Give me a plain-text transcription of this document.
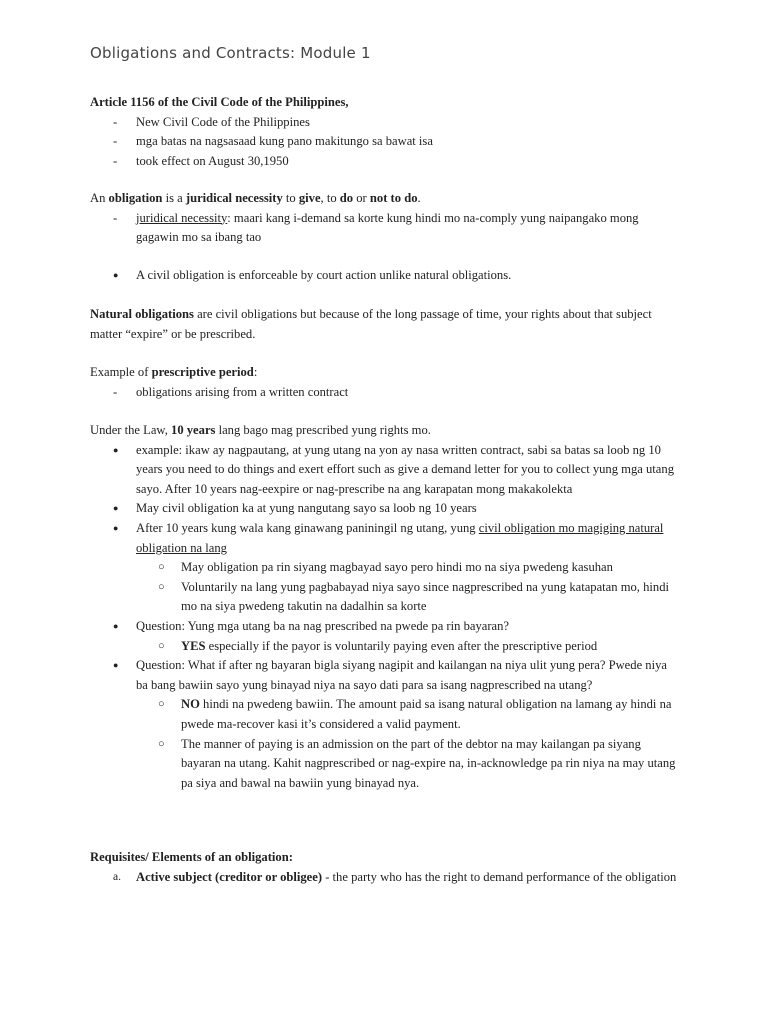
Obligations and Contracts: Module 1
Article 1156 of the Civil Code of the Philippines,
- New Civil Code of the Philippines
- mga batas na nagsasaad kung pano makitungo sa bawat isa
- took effect on August 30,1950
An obligation is a juridical necessity to give, to do or not to do.
- juridical necessity: maari kang i-demand sa korte kung hindi mo na-comply yung naipangako mong gagawin mo sa ibang tao
● A civil obligation is enforceable by court action unlike natural obligations.
Natural obligations are civil obligations but because of the long passage of time, your rights about that subject matter “expire” or be prescribed.
Example of prescriptive period:
- obligations arising from a written contract
Under the Law, 10 years lang bago mag prescribed yung rights mo.
● example: ikaw ay nagpautang, at yung utang na yon ay nasa written contract, sabi sa batas sa loob ng 10 years you need to do things and exert effort such as give a demand letter for you to collect yung mga utang sayo. After 10 years nag-eexpire or nag-prescribe na ang karapatan mong makakolekta
● May civil obligation ka at yung nangutang sayo sa loob ng 10 years
● After 10 years kung wala kang ginawang paniningil ng utang, yung civil obligation mo magiging natural obligation na lang
○ May obligation pa rin siyang magbayad sayo pero hindi mo na siya pwedeng kasuhan
○ Voluntarily na lang yung pagbabayad niya sayo since nagprescribed na yung katapatan mo, hindi mo na siya pwedeng takutin na dadalhin sa korte
● Question: Yung mga utang ba na nag prescribed na pwede pa rin bayaran?
○ YES especially if the payor is voluntarily paying even after the prescriptive period
● Question: What if after ng bayaran bigla siyang nagipit and kailangan na niya ulit yung pera? Pwede niya ba bang bawiin sayo yung binayad niya na sayo dati para sa isang nagprescribed na utang?
○ NO hindi na pwedeng bawiin. The amount paid sa isang natural obligation na lamang ay hindi na pwede ma-recover kasi it’s considered a valid payment.
○ The manner of paying is an admission on the part of the debtor na may kailangan pa siyang bayaran na utang. Kahit nagprescribed or nag-expire na, in-acknowledge pa rin niya na may utang pa siya and bawal na bawiin yung binayad nya.
Requisites/ Elements of an obligation:
a. Active subject (creditor or obligee) - the party who has the right to demand performance of the obligation
